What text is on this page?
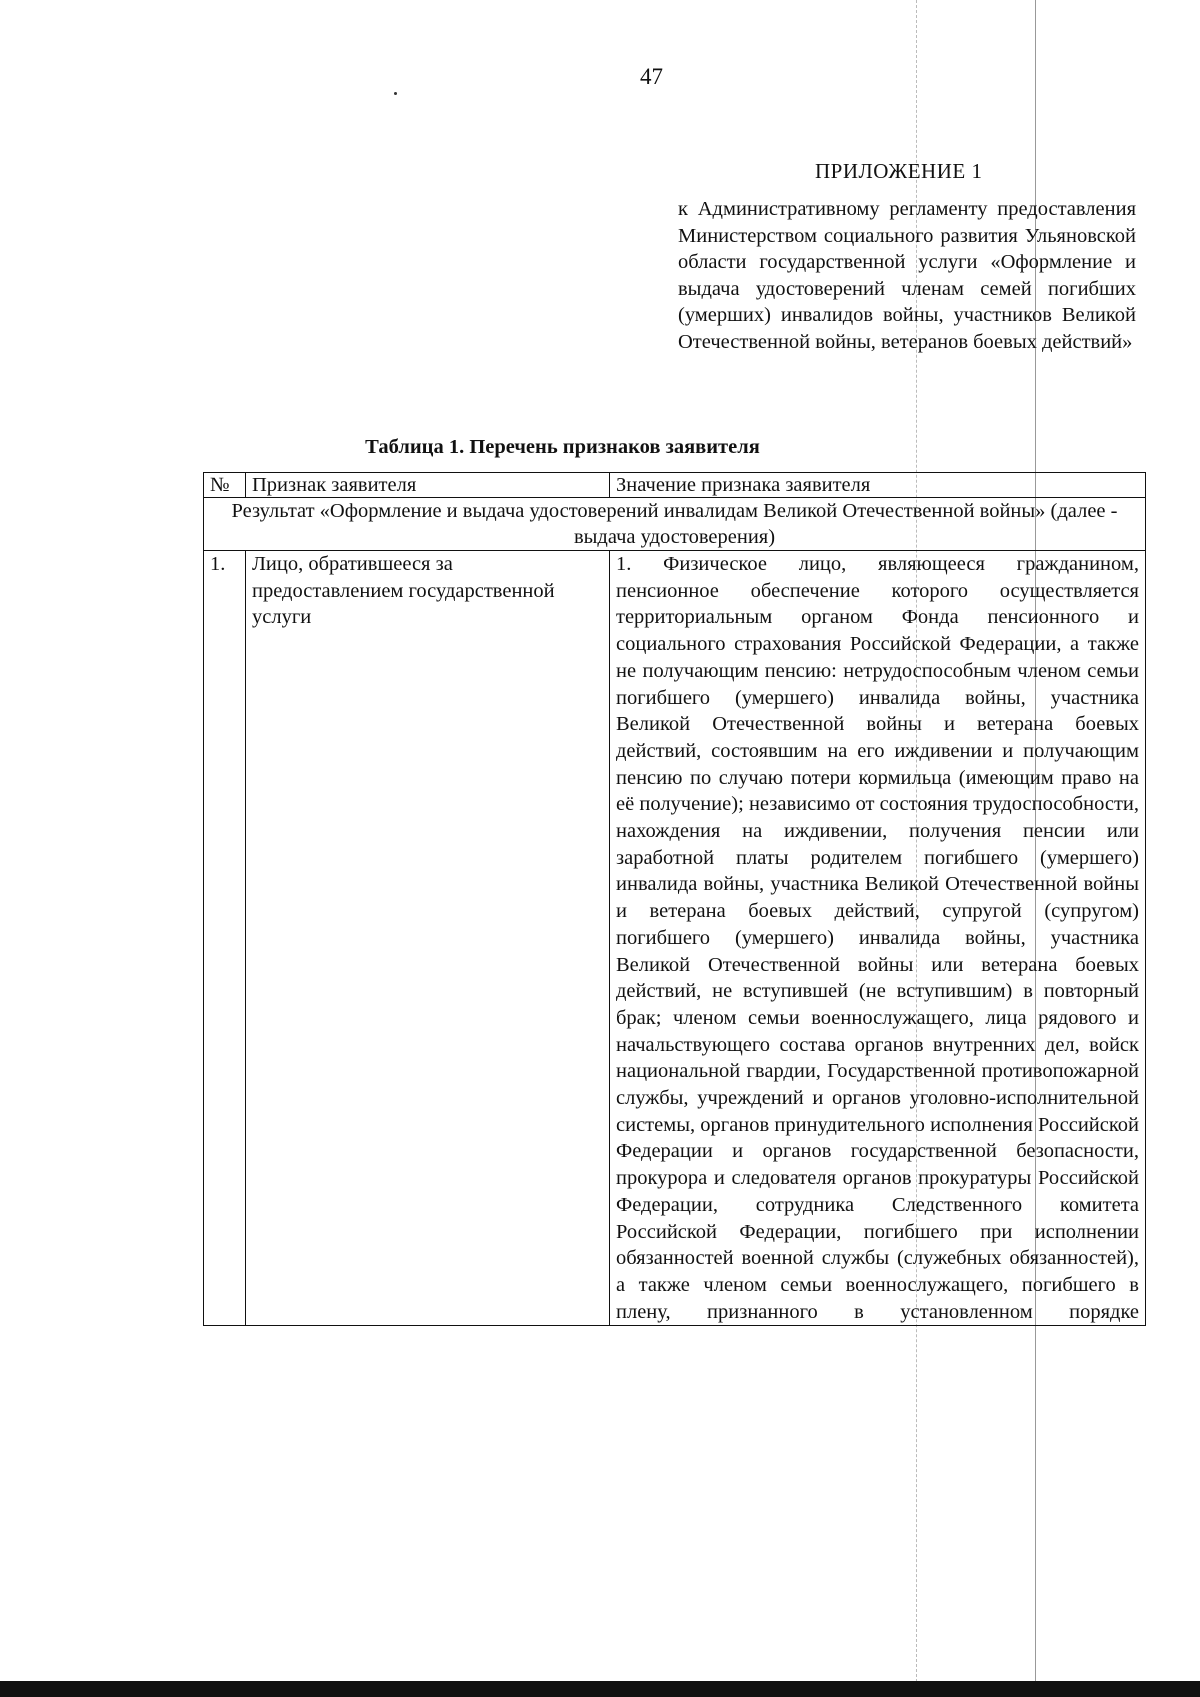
47
ПРИЛОЖЕНИЕ 1
к Административному регламенту предоставления Министерством социального развития Ульяновской области государственной услуги «Оформление и выдача удостоверений членам семей погибших (умерших) инвалидов войны, участников Великой Отечественной войны, ветеранов боевых действий»
Таблица 1. Перечень признаков заявителя
№	Признак заявителя	Значение признака заявителя
Результат «Оформление и выдача удостоверений инвалидам Великой Отечественной войны» (далее - выдача удостоверения)		
1.	Лицо, обратившееся за предоставлением государственной услуги	1. Физическое лицо, являющееся гражданином, пенсионное обеспечение которого осуществляется территориальным органом Фонда пенсионного и социального страхования Российской Федерации, а также не получающим пенсию: нетрудоспособным членом семьи погибшего (умершего) инвалида войны, участника Великой Отечественной войны и ветерана боевых действий, состоявшим на его иждивении и получающим пенсию по случаю потери кормильца (имеющим право на её получение); независимо от состояния трудоспособности, нахождения на иждивении, получения пенсии или заработной платы родителем погибшего (умершего) инвалида войны, участника Великой Отечественной войны и ветерана боевых действий, супругой (супругом) погибшего (умершего) инвалида войны, участника Великой Отечественной войны или ветерана боевых действий, не вступившей (не вступившим) в повторный брак; членом семьи военнослужащего, лица рядового и начальствующего состава органов внутренних дел, войск национальной гвардии, Государственной противопожарной службы, учреждений и органов уголовно-исполнительной системы, органов принудительного исполнения Российской Федерации и органов государственной безопасности, прокурора и следователя органов прокуратуры Российской Федерации, сотрудника Следственного комитета Российской Федерации, погибшего при исполнении обязанностей военной службы (служебных обязанностей), а также членом семьи военнослужащего, погибшего в плену, признанного в установленном порядке
